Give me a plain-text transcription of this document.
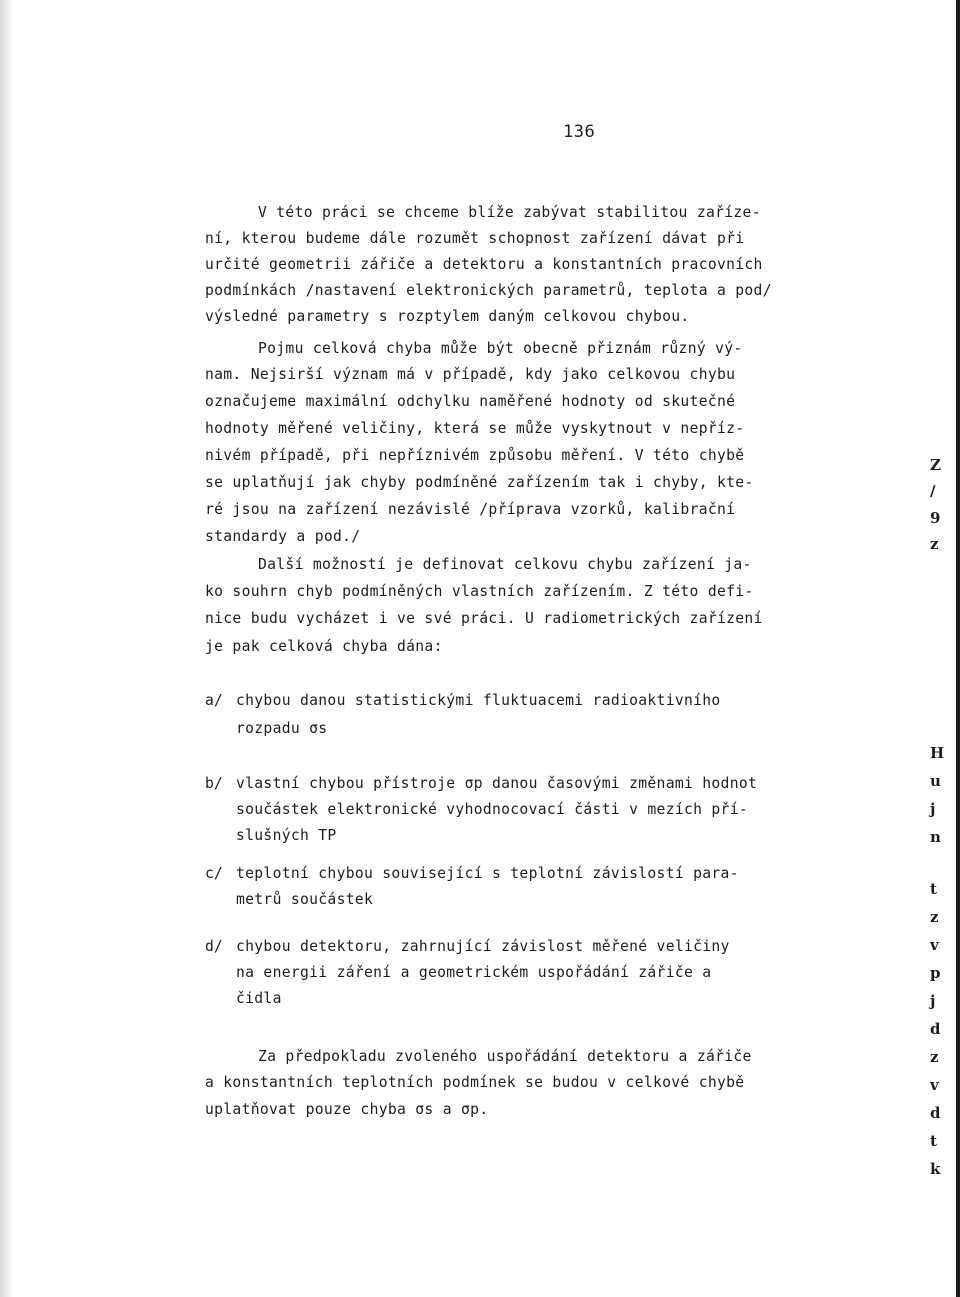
136
V této práci se chceme blíže zabývat stabilitou zaříze-
ní, kterou budeme dále rozumět schopnost zařízení dávat při
určité geometrii zářiče a detektoru a konstantních pracovních
podmínkách /nastavení elektronických parametrů, teplota a pod/
výsledné parametry s rozptylem daným celkovou chybou.
Pojmu celková chyba může být obecně přiznám různý vý-
nam. Nejsirší význam má v případě, kdy jako celkovou chybu
označujeme maximální odchylku naměřené hodnoty od skutečné
hodnoty měřené veličiny, která se může vyskytnout v nepříz-
nivém případě, při nepříznivém způsobu měření. V této chybě
se uplatňují jak chyby podmíněné zařízením tak i chyby, kte-
ré jsou na zařízení nezávislé /příprava vzorků, kalibrační
standardy a pod./
Další možností je definovat celkovu chybu zařízení ja-
ko souhrn chyb podmíněných vlastních zařízením. Z této defi-
nice budu vycházet i ve své práci. U radiometrických zařízení
je pak celková chyba dána:
a/ chybou danou statistickými fluktuacemi radioaktivního
rozpadu σs
b/ vlastní chybou přístroje σp danou časovými změnami hodnot
součástek elektronické vyhodnocovací části v mezích pří-
slušných TP
c/ teplotní chybou související s teplotní závislostí para-
metrů součástek
d/ chybou detektoru, zahrnující závislost měřené veličiny
na energii záření a geometrickém uspořádání zářiče a
čidla
Za předpokladu zvoleného uspořádání detektoru a zářiče
a konstantních teplotních podmínek se budou v celkové chybě
uplatňovat pouze chyba σs a σp.
Z
/
9
z
H
u
j
n
t
z
v
p
j
d
z
v
d
t
k
